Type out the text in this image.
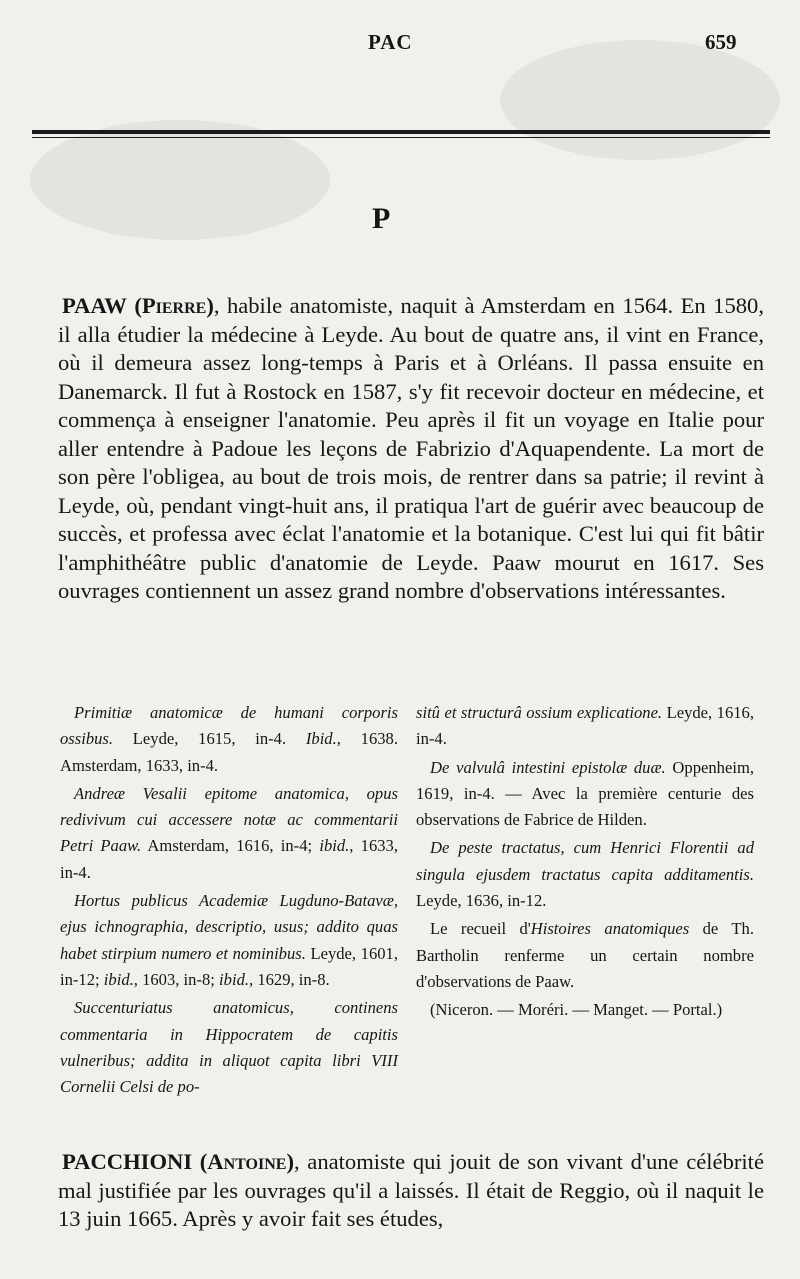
PAC	659
P

PAAW (Pierre), habile anatomiste, naquit à Amsterdam en 1564. En 1580, il alla étudier la médecine à Leyde. Au bout de quatre ans, il vint en France, où il demeura assez long-temps à Paris et à Orléans. Il passa ensuite en Danemarck. Il fut à Rostock en 1587, s'y fit recevoir docteur en médecine, et commença à enseigner l'anatomie. Peu après il fit un voyage en Italie pour aller entendre à Padoue les leçons de Fabrizio d'Aquapendente. La mort de son père l'obligea, au bout de trois mois, de rentrer dans sa patrie; il revint à Leyde, où, pendant vingt-huit ans, il pratiqua l'art de guérir avec beaucoup de succès, et professa avec éclat l'anatomie et la botanique. C'est lui qui fit bâtir l'amphithéâtre public d'anatomie de Leyde. Paaw mourut en 1617. Ses ouvrages contiennent un assez grand nombre d'observations intéressantes.

Primitiæ anatomicæ de humani corporis ossibus. Leyde, 1615, in-4. Ibid., 1638. Amsterdam, 1633, in-4.

Andreæ Vesalii epitome anatomica, opus redivivum cui accessere notæ ac commentarii Petri Paaw. Amsterdam, 1616, in-4; ibid., 1633, in-4.

Hortus publicus Academiæ Lugduno-Batavæ, ejus ichnographia, descriptio, usus; addito quas habet stirpium numero et nominibus. Leyde, 1601, in-12; ibid., 1603, in-8; ibid., 1629, in-8.

Succenturiatus anatomicus, continens commentaria in Hippocratem de capitis vulneribus; addita in aliquot capita libri VIII Cornelii Celsi de po-

sitû et structurâ ossium explicatione. Leyde, 1616, in-4.

De valvulâ intestini epistolæ duæ. Oppenheim, 1619, in-4. — Avec la première centurie des observations de Fabrice de Hilden.

De peste tractatus, cum Henrici Florentii ad singula ejusdem tractatus capita additamentis. Leyde, 1636, in-12.

Le recueil d'Histoires anatomiques de Th. Bartholin renferme un certain nombre d'observations de Paaw.

(Niceron. — Moréri. — Manget. — Portal.)

PACCHIONI (Antoine), anatomiste qui jouit de son vivant d'une célébrité mal justifiée par les ouvrages qu'il a laissés. Il était de Reggio, où il naquit le 13 juin 1665. Après y avoir fait ses études,
